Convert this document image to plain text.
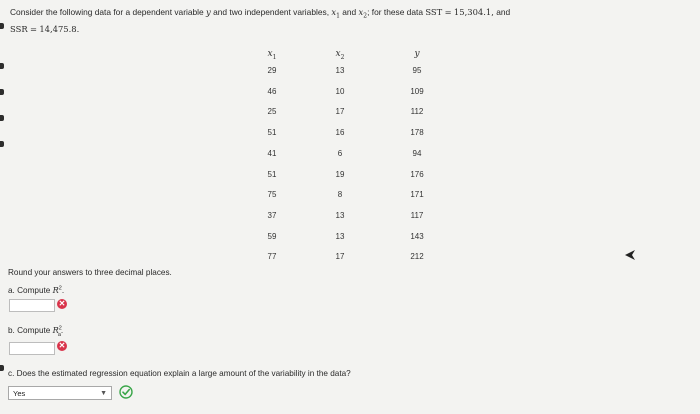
Consider the following data for a dependent variable y and two independent variables, $x_1$ and $x_2$; for these data SST = 15,304.1, and
SSR = 14,475.8.
$x_1$	$x_2$	y
29	13	95
46	10	109
25	17	112
51	16	178
41	6	94
51	19	176
75	8	171
37	13	117
59	13	143
77	17	212
Round your answers to three decimal places.
a. Compute $R^2$.
✕
b. Compute $R^2_a$.
✕
c. Does the estimated regression equation explain a large amount of the variability in the data?
Yes	▼
